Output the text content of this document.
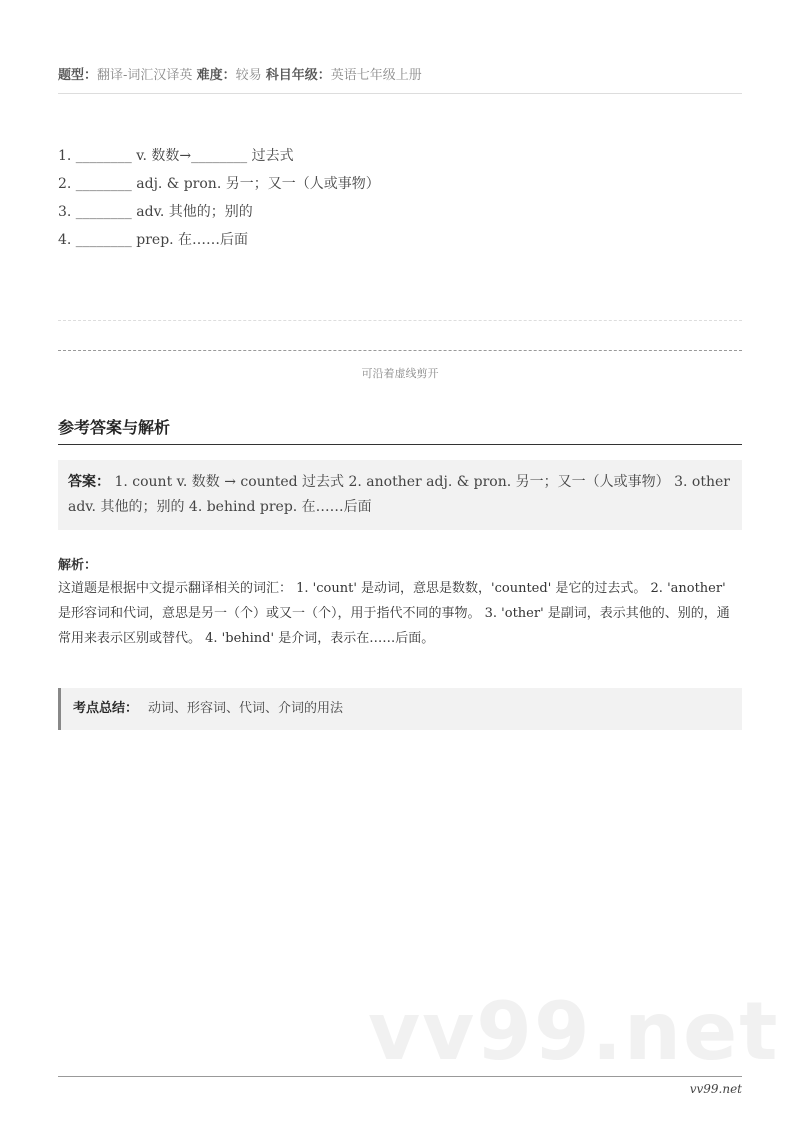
题型：翻译-词汇汉译英 难度：较易 科目年级：英语七年级上册
1. ________ v. 数数→________ 过去式
2. ________ adj. & pron. 另一；又一（人或事物）
3. ________ adv. 其他的；别的
4. ________ prep. 在……后面
可沿着虚线剪开
参考答案与解析
答案： 1. count v. 数数 → counted 过去式 2. another adj. & pron. 另一；又一（人或事物） 3. other adv. 其他的；别的 4. behind prep. 在……后面
解析：
这道题是根据中文提示翻译相关的词汇： 1. 'count' 是动词，意思是数数，'counted' 是它的过去式。 2. 'another' 是形容词和代词，意思是另一（个）或又一（个），用于指代不同的事物。 3. 'other' 是副词，表示其他的、别的，通常用来表示区别或替代。 4. 'behind' 是介词，表示在……后面。
考点总结： 动词、形容词、代词、介词的用法
vv99.net
vv99.net
